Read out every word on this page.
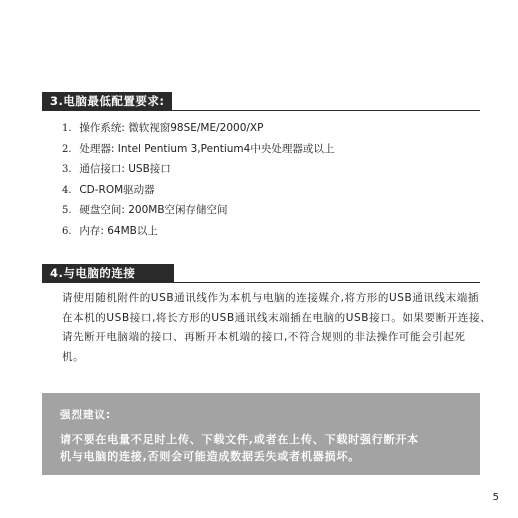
3.电脑最低配置要求:
1. 操作系统: 微软视窗98SE/ME/2000/XP
2. 处理器: Intel Pentium 3,Pentium4中央处理器或以上
3. 通信接口: USB接口
4. CD-ROM驱动器
5. 硬盘空间: 200MB空闲存储空间
6. 内存: 64MB以上
4.与电脑的连接

请使用随机附件的USB通讯线作为本机与电脑的连接媒介,将方形的USB通讯线末端插

在本机的USB接口,将长方形的USB通讯线末端插在电脑的USB接口。如果要断开连接、

请先断开电脑端的接口、再断开本机端的接口,不符合规则的非法操作可能会引起死

机。

强烈建议:

请不要在电量不足时上传、下载文件,或者在上传、下载时强行断开本

机与电脑的连接,否则会可能造成数据丢失或者机器损坏。

5
